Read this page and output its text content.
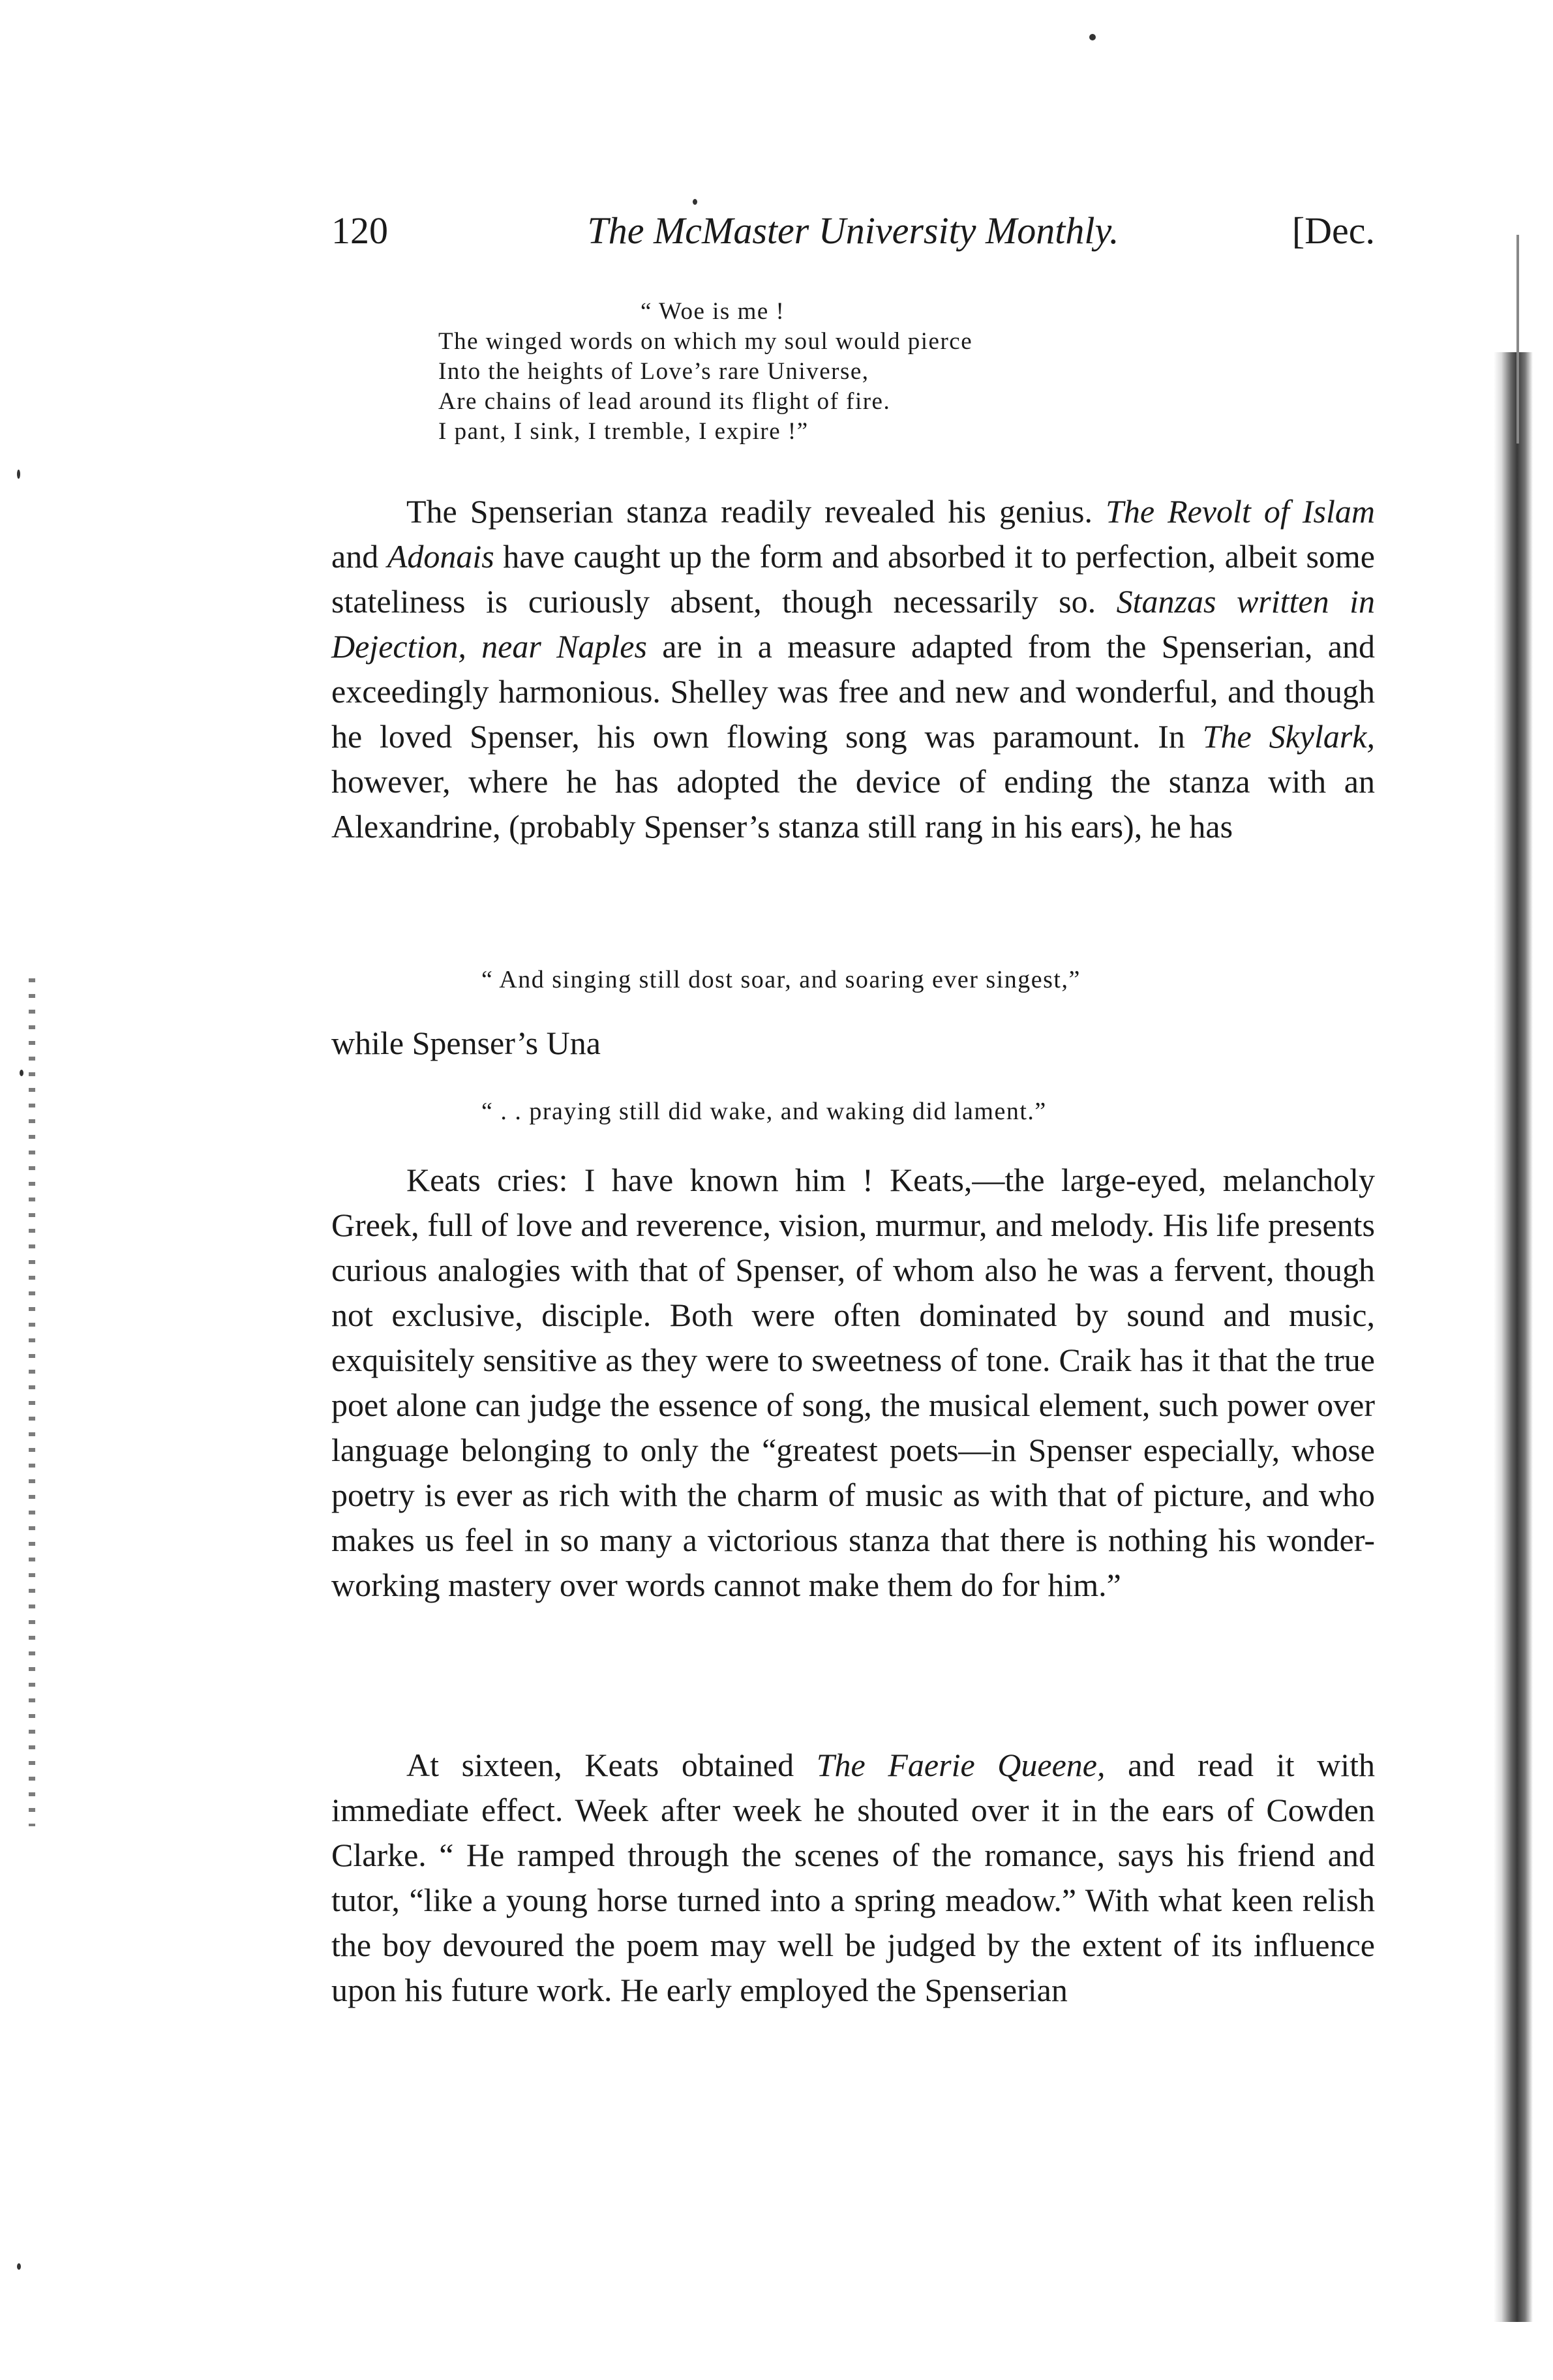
120	The McMaster University Monthly.	[Dec.
“ Woe is me !
The winged words on which my soul would pierce
Into the heights of Love’s rare Universe,
Are chains of lead around its flight of fire.
I pant, I sink, I tremble, I expire !”

The Spenserian stanza readily revealed his genius. The Revolt of Islam and Adonais have caught up the form and absorbed it to perfection, albeit some stateliness is curiously absent, though necessarily so. Stanzas written in Dejection, near Naples are in a measure adapted from the Spenserian, and exceedingly harmonious. Shelley was free and new and wonderful, and though he loved Spenser, his own flowing song was paramount. In The Skylark, however, where he has adopted the device of ending the stanza with an Alexandrine, (probably Spenser’s stanza still rang in his ears), he has

“ And singing still dost soar, and soaring ever singest,”
while Spenser’s Una
“ . . praying still did wake, and waking did lament.”

Keats cries: I have known him ! Keats,—the large-eyed, melancholy Greek, full of love and reverence, vision, murmur, and melody. His life presents curious analogies with that of Spenser, of whom also he was a fervent, though not exclusive, disciple. Both were often dominated by sound and music, exquisitely sensitive as they were to sweetness of tone. Craik has it that the true poet alone can judge the essence of song, the musical element, such power over language belonging to only the “greatest poets—in Spenser especially, whose poetry is ever as rich with the charm of music as with that of picture, and who makes us feel in so many a victorious stanza that there is nothing his wonder-working mastery over words cannot make them do for him.”

At sixteen, Keats obtained The Faerie Queene, and read it with immediate effect. Week after week he shouted over it in the ears of Cowden Clarke. “ He ramped through the scenes of the romance, says his friend and tutor, “like a young horse turned into a spring meadow.” With what keen relish the boy devoured the poem may well be judged by the extent of its influence upon his future work. He early employed the Spenserian
